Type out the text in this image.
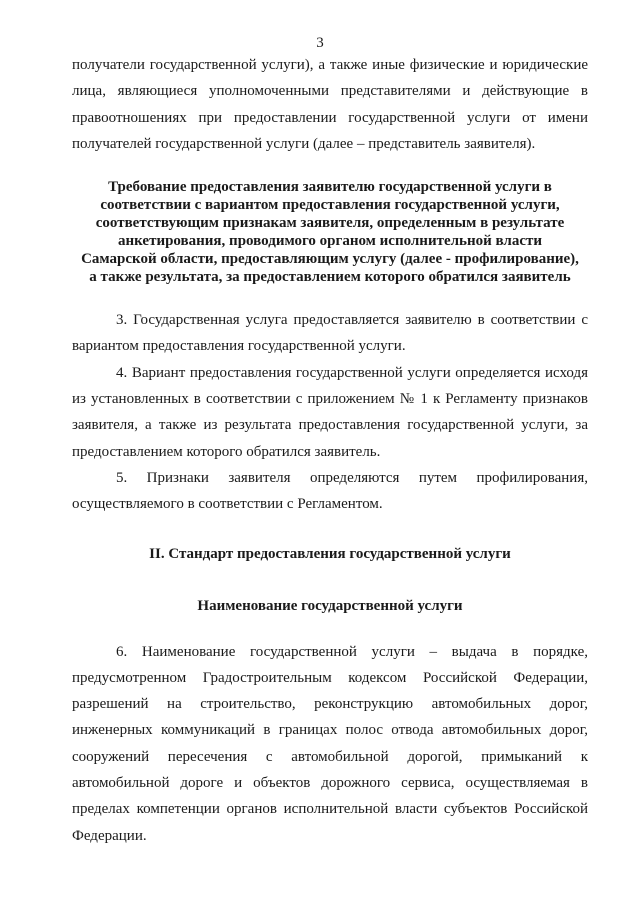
3

получатели государственной услуги), а также иные физические и юридические лица, являющиеся уполномоченными представителями и действующие в правоотношениях при предоставлении государственной услуги от имени получателей государственной услуги (далее – представитель заявителя).

Требование предоставления заявителю государственной услуги в соответствии с вариантом предоставления государственной услуги, соответствующим признакам заявителя, определенным в результате анкетирования, проводимого органом исполнительной власти Самарской области, предоставляющим услугу (далее - профилирование), а также результата, за предоставлением которого обратился заявитель

3. Государственная услуга предоставляется заявителю в соответствии с вариантом предоставления государственной услуги.

4. Вариант предоставления государственной услуги определяется исходя из установленных в соответствии с приложением № 1 к Регламенту признаков заявителя, а также из результата предоставления государственной услуги, за предоставлением которого обратился заявитель.

5. Признаки заявителя определяются путем профилирования, осуществляемого в соответствии с Регламентом.

II. Стандарт предоставления государственной услуги
Наименование государственной услуги

6. Наименование государственной услуги – выдача в порядке, предусмотренном Градостроительным кодексом Российской Федерации, разрешений на строительство, реконструкцию автомобильных дорог, инженерных коммуникаций в границах полос отвода автомобильных дорог, сооружений пересечения с автомобильной дорогой, примыканий к автомобильной дороге и объектов дорожного сервиса, осуществляемая в пределах компетенции органов исполнительной власти субъектов Российской Федерации.
